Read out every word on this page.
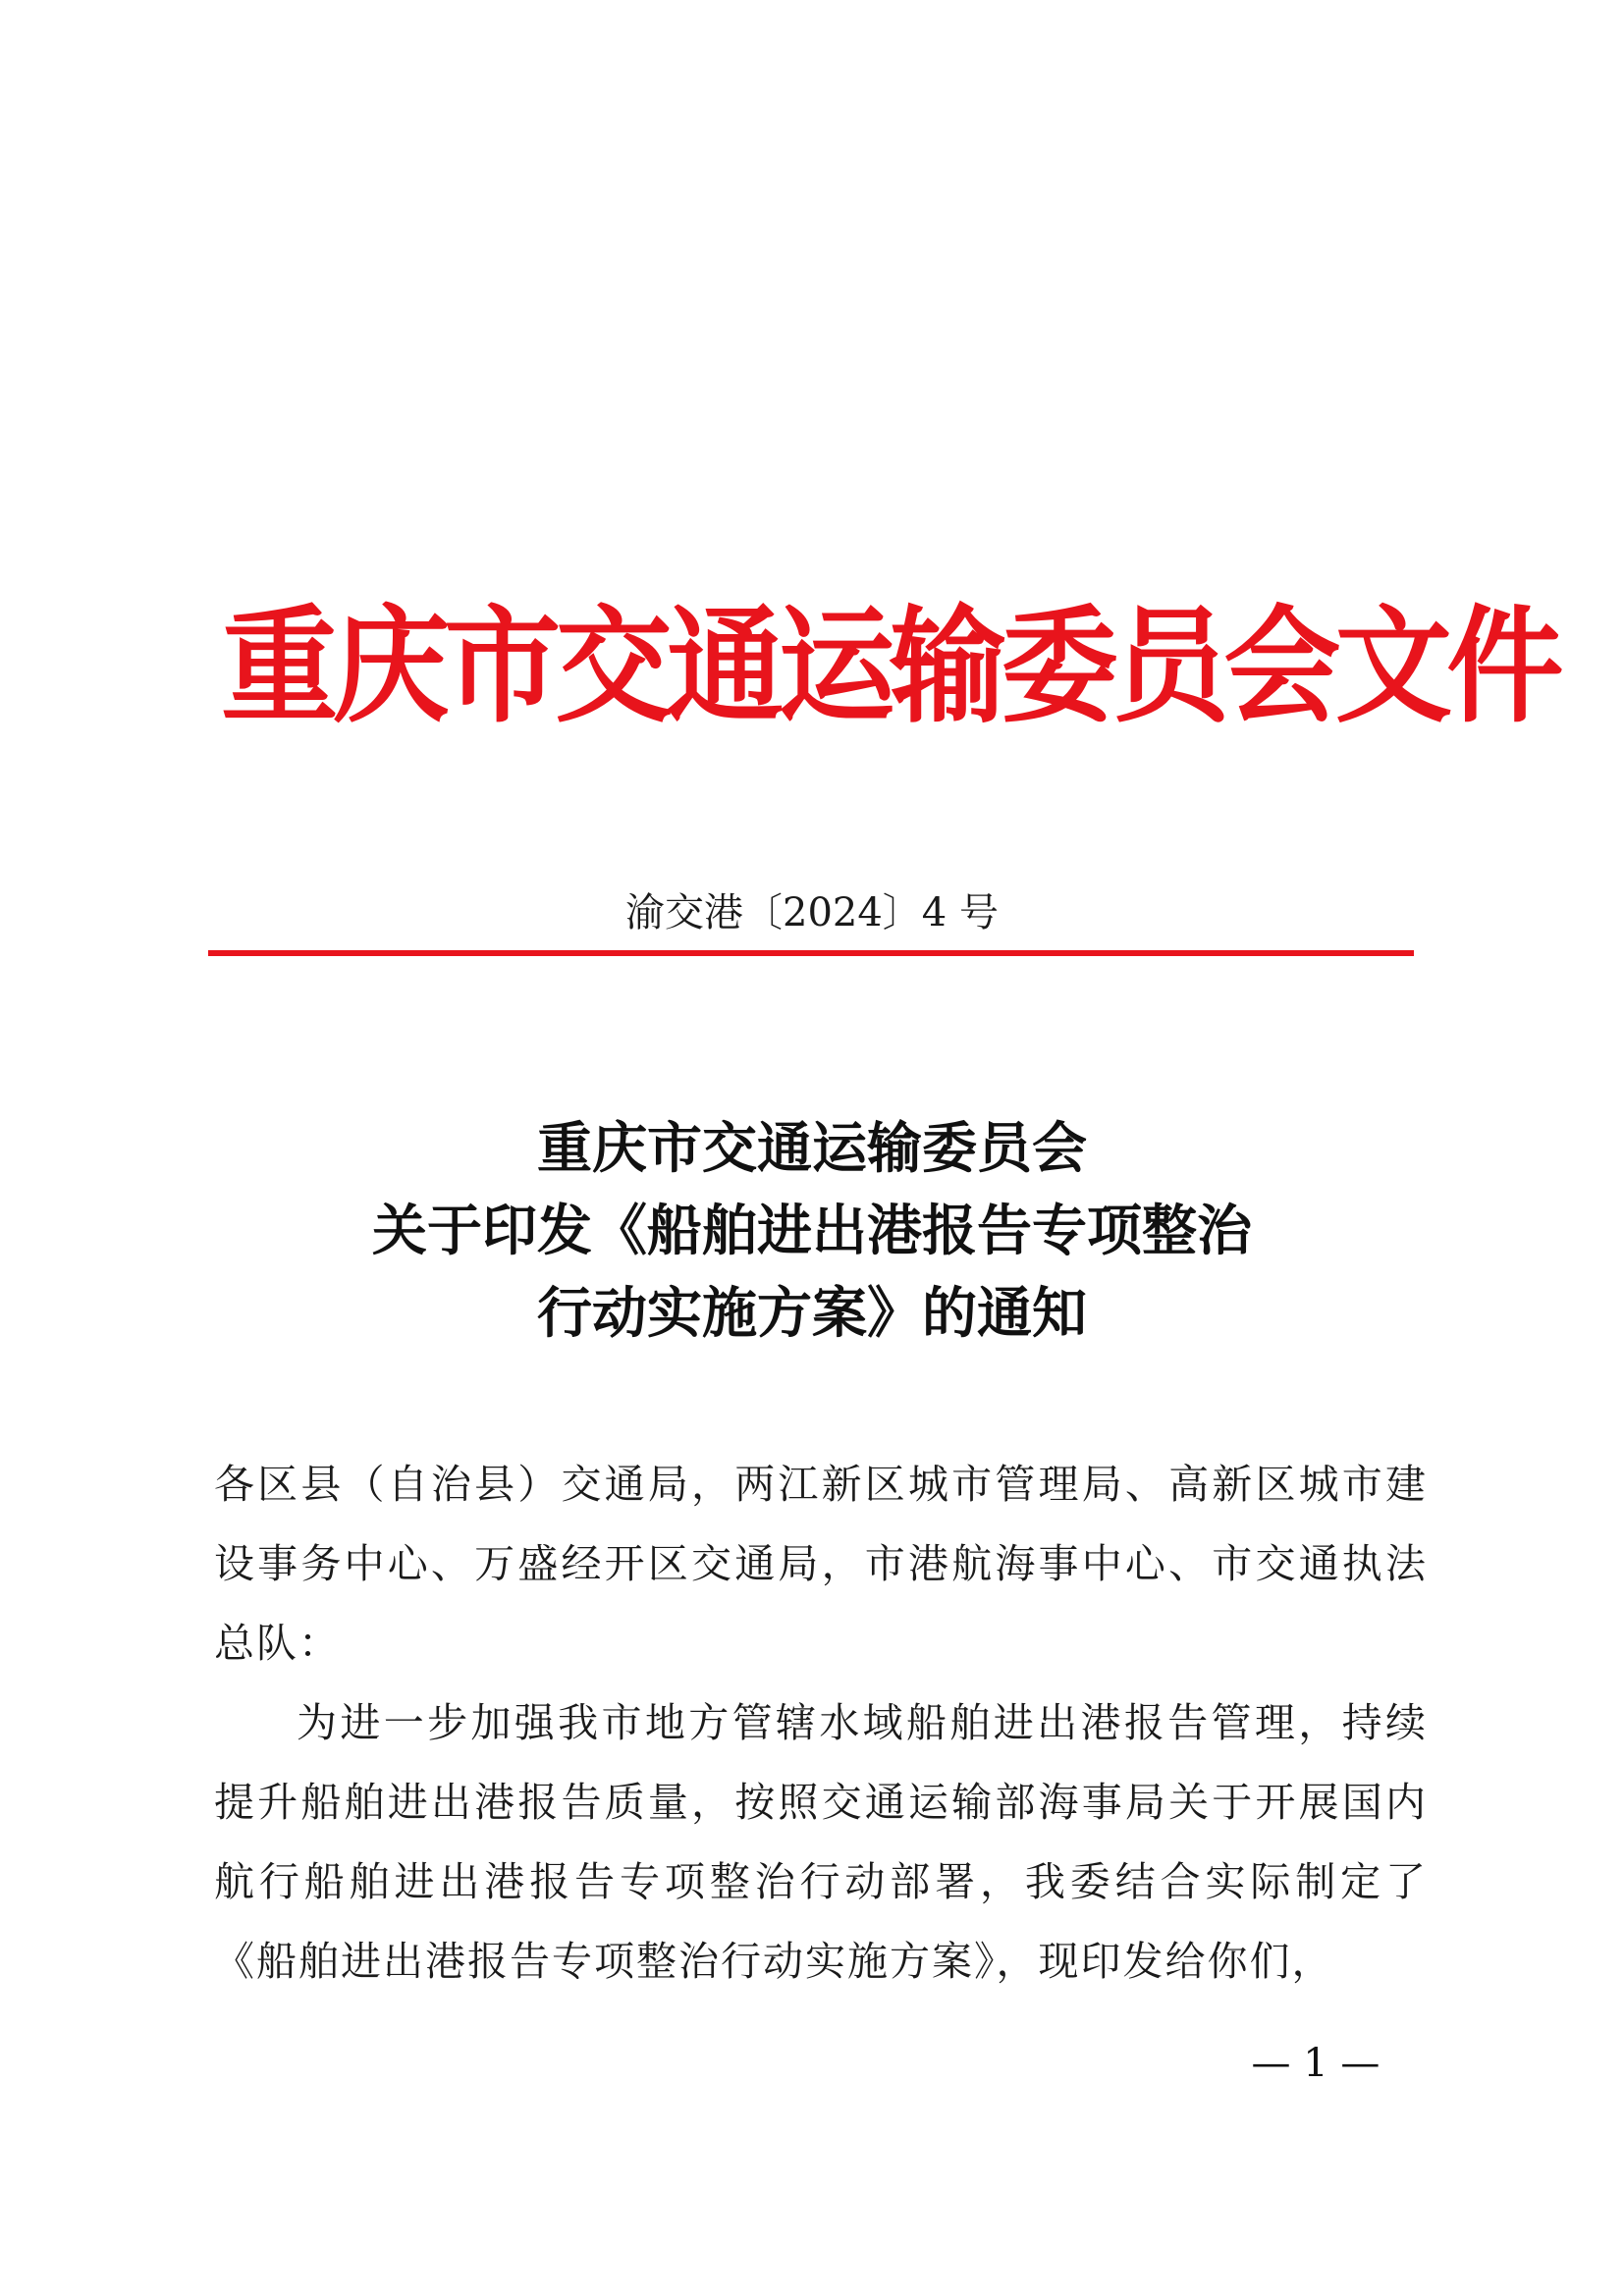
重庆市交通运输委员会文件
渝交港〔2024〕4 号
重庆市交通运输委员会
关于印发《船舶进出港报告专项整治
行动实施方案》的通知
各区县（自治县）交通局，两江新区城市管理局、高新区城市建设事务中心、万盛经开区交通局，市港航海事中心、市交通执法总队：
为进一步加强我市地方管辖水域船舶进出港报告管理，持续提升船舶进出港报告质量，按照交通运输部海事局关于开展国内航行船舶进出港报告专项整治行动部署，我委结合实际制定了《船舶进出港报告专项整治行动实施方案》，现印发给你们，
— 1 —
